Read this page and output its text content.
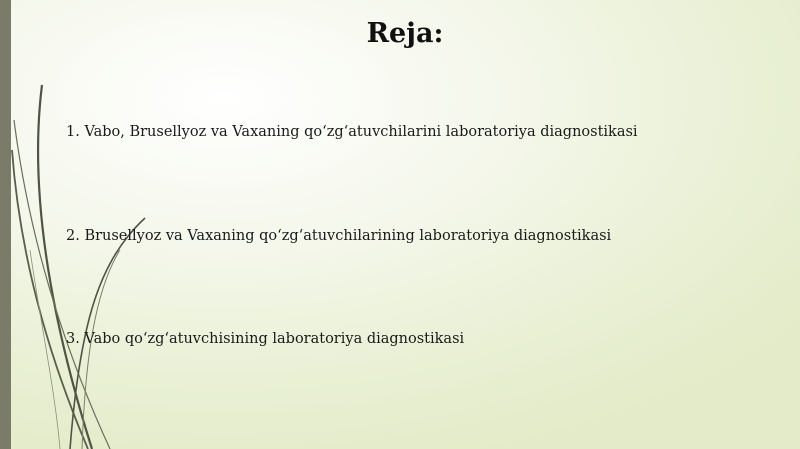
Reja:

1. Vabo, Brusellyoz va Vaxaning qo‘zg‘atuvchilarini laboratoriya diagnostikasi

2. Brusellyoz va Vaxaning qo‘zg‘atuvchilarining laboratoriya diagnostikasi

3. Vabo qo‘zg‘atuvchisining laboratoriya diagnostikasi
